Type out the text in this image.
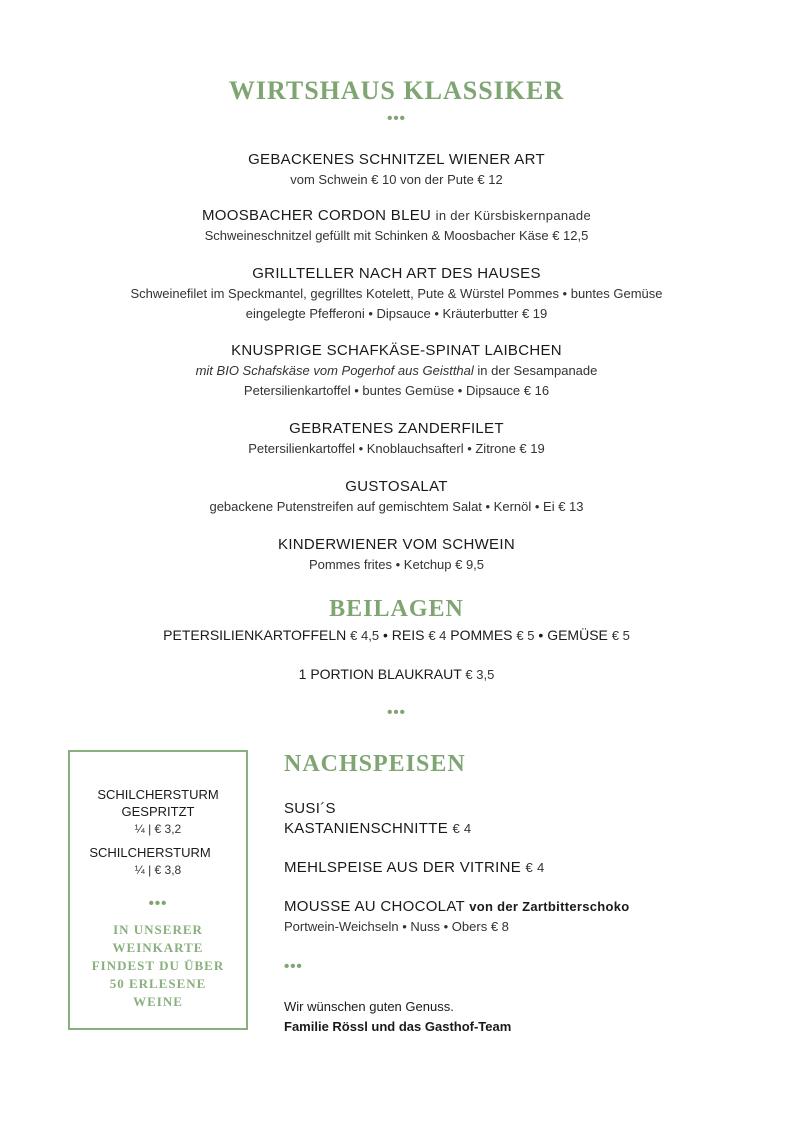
WIRTSHAUS KLASSIKER
•••
GEBACKENES SCHNITZEL WIENER ART
vom Schwein € 10 von der Pute € 12
MOOSBACHER CORDON BLEU in der Kürsbiskernpanade
Schweineschnitzel gefüllt mit Schinken & Moosbacher Käse € 12,5
GRILLTELLER NACH ART DES HAUSES
Schweinefilet im Speckmantel, gegrilltes Kotelett, Pute & Würstel Pommes • buntes Gemüse
eingelegte Pfefferoni • Dipsauce • Kräuterbutter € 19
KNUSPRIGE SCHAFKÄSE-SPINAT LAIBCHEN
mit BIO Schafskäse vom Pogerhof aus Geistthal in der Sesampanade
Petersilienkartoffel • buntes Gemüse • Dipsauce € 16
GEBRATENES ZANDERFILET
Petersilienkartoffel • Knoblauchsafterl • Zitrone € 19
GUSTOSALAT
gebackene Putenstreifen auf gemischtem Salat • Kernöl • Ei € 13
KINDERWIENER VOM SCHWEIN
Pommes frites • Ketchup € 9,5
BEILAGEN
PETERSILIENKARTOFFELN € 4,5 • REIS € 4 POMMES € 5 • GEMÜSE € 5
1 PORTION BLAUKRAUT € 3,5
•••
SCHILCHERSTURM
GESPRITZT
¼ | € 3,2
SCHILCHERSTURM
¼ | € 3,8
•••
IN UNSERER
WEINKARTE
FINDEST DU ÜBER
50 ERLESENE
WEINE
NACHSPEISEN
SUSI´S
KASTANIENSCHNITTE € 4
MEHLSPEISE AUS DER VITRINE € 4
MOUSSE AU CHOCOLAT von der Zartbitterschoko
Portwein-Weichseln • Nuss • Obers € 8
•••
Wir wünschen guten Genuss.
Familie Rössl und das Gasthof-Team
